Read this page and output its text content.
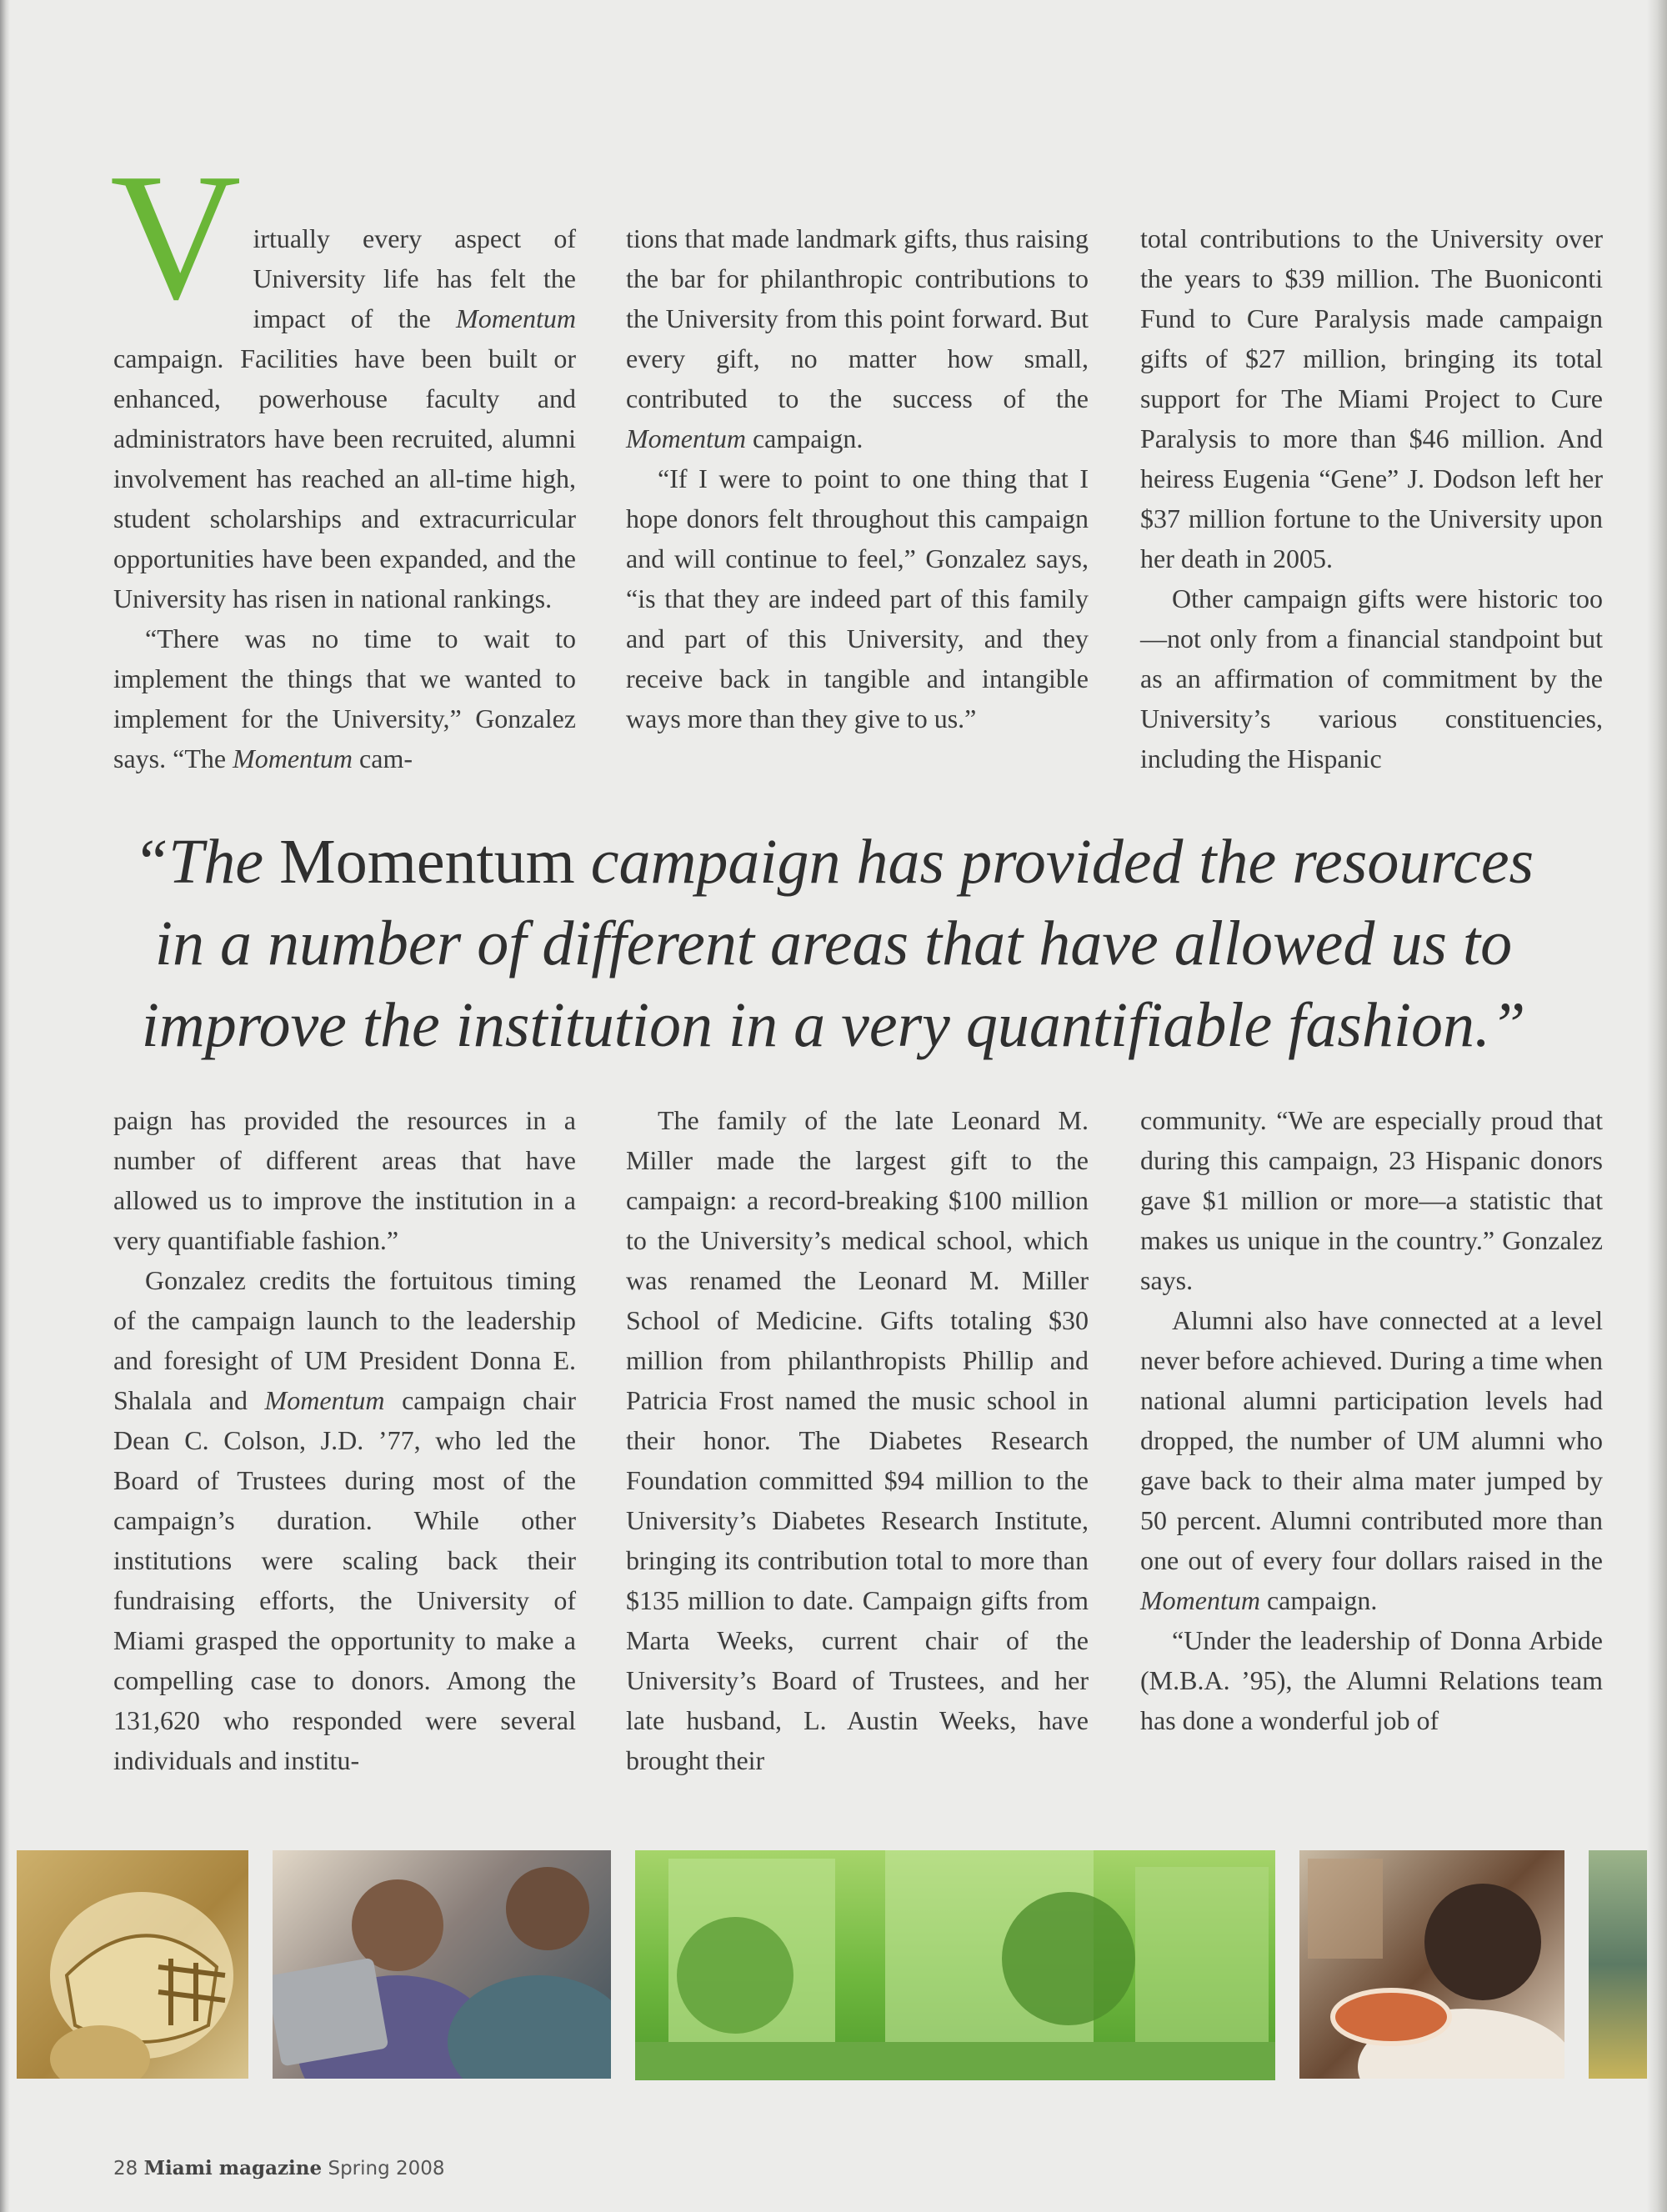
Virtually every aspect of University life has felt the impact of the Momentum campaign. Facilities have been built or enhanced, powerhouse faculty and administrators have been recruited, alumni involvement has reached an all-time high, student scholarships and extracurricular opportunities have been expanded, and the University has risen in national rankings.

“There was no time to wait to implement the things that we wanted to implement for the University,” Gonzalez says. “The Momentum cam-

tions that made landmark gifts, thus raising the bar for philanthropic contributions to the University from this point forward. But every gift, no matter how small, contributed to the success of the Momentum campaign.

“If I were to point to one thing that I hope donors felt throughout this campaign and will continue to feel,” Gonzalez says, “is that they are indeed part of this family and part of this University, and they receive back in tangible and intangible ways more than they give to us.”

total contributions to the University over the years to $39 million. The Buoniconti Fund to Cure Paralysis made campaign gifts of $27 million, bringing its total support for The Miami Project to Cure Paralysis to more than $46 million. And heiress Eugenia “Gene” J. Dodson left her $37 million fortune to the University upon her death in 2005.

Other campaign gifts were historic too—not only from a financial standpoint but as an affirmation of commitment by the University’s various constituencies, including the Hispanic

“The Momentum campaign has provided the resources in a number of different areas that have allowed us to improve the institution in a very quantifiable fashion.”

paign has provided the resources in a number of different areas that have allowed us to improve the institution in a very quantifiable fashion.”

Gonzalez credits the fortuitous timing of the campaign launch to the leadership and foresight of UM President Donna E. Shalala and Momentum campaign chair Dean C. Colson, J.D. ’77, who led the Board of Trustees during most of the campaign’s duration. While other institutions were scaling back their fundraising efforts, the University of Miami grasped the opportunity to make a compelling case to donors. Among the 131,620 who responded were several individuals and institu-

The family of the late Leonard M. Miller made the largest gift to the campaign: a record-breaking $100 million to the University’s medical school, which was renamed the Leonard M. Miller School of Medicine. Gifts totaling $30 million from philanthropists Phillip and Patricia Frost named the music school in their honor. The Diabetes Research Foundation committed $94 million to the University’s Diabetes Research Institute, bringing its contribution total to more than $135 million to date. Campaign gifts from Marta Weeks, current chair of the University’s Board of Trustees, and her late husband, L. Austin Weeks, have brought their

community. “We are especially proud that during this campaign, 23 Hispanic donors gave $1 million or more—a statistic that makes us unique in the country.” Gonzalez says.

Alumni also have connected at a level never before achieved. During a time when national alumni participation levels had dropped, the number of UM alumni who gave back to their alma mater jumped by 50 percent. Alumni contributed more than one out of every four dollars raised in the Momentum campaign.

“Under the leadership of Donna Arbide (M.B.A. ’95), the Alumni Relations team has done a wonderful job of

28 Miami magazine Spring 2008
